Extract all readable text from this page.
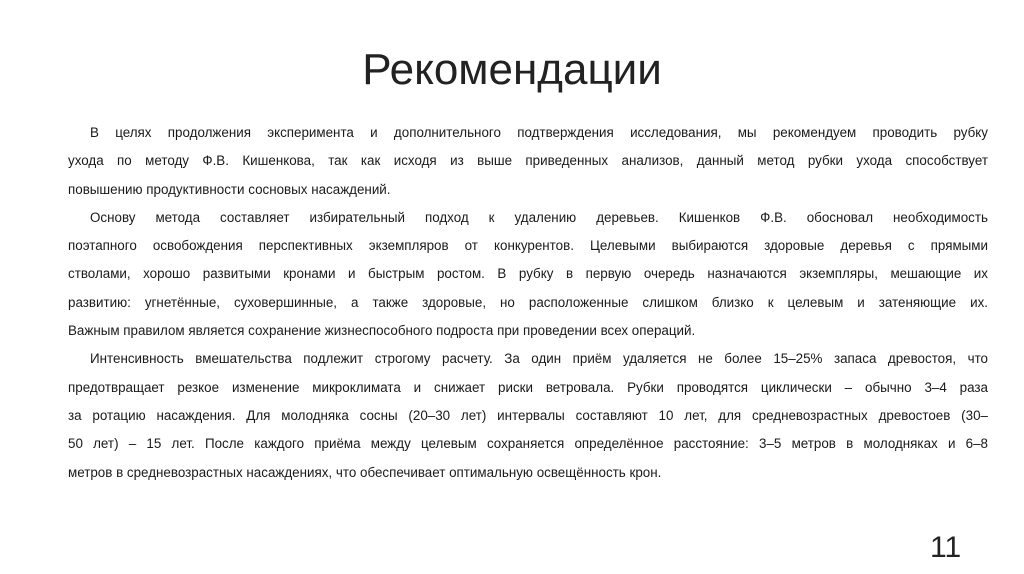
Рекомендации
В целях продолжения эксперимента и дополнительного подтверждения исследования, мы рекомендуем проводить рубку
ухода по методу Ф.В. Кишенкова, так как исходя из выше приведенных анализов, данный метод рубки ухода способствует
повышению продуктивности сосновых насаждений.
Основу метода составляет избирательный подход к удалению деревьев. Кишенков Ф.В. обосновал необходимость
поэтапного освобождения перспективных экземпляров от конкурентов. Целевыми выбираются здоровые деревья с прямыми
стволами, хорошо развитыми кронами и быстрым ростом. В рубку в первую очередь назначаются экземпляры, мешающие их
развитию: угнетённые, суховершинные, а также здоровые, но расположенные слишком близко к целевым и затеняющие их.
Важным правилом является сохранение жизнеспособного подроста при проведении всех операций.
Интенсивность вмешательства подлежит строгому расчету. За один приём удаляется не более 15–25% запаса древостоя, что
предотвращает резкое изменение микроклимата и снижает риски ветровала. Рубки проводятся циклически – обычно 3–4 раза
за ротацию насаждения. Для молодняка сосны (20–30 лет) интервалы составляют 10 лет, для средневозрастных древостоев (30–
50 лет) – 15 лет. После каждого приёма между целевым сохраняется определённое расстояние: 3–5 метров в молодняках и 6–8
метров в средневозрастных насаждениях, что обеспечивает оптимальную освещённость крон.
11
